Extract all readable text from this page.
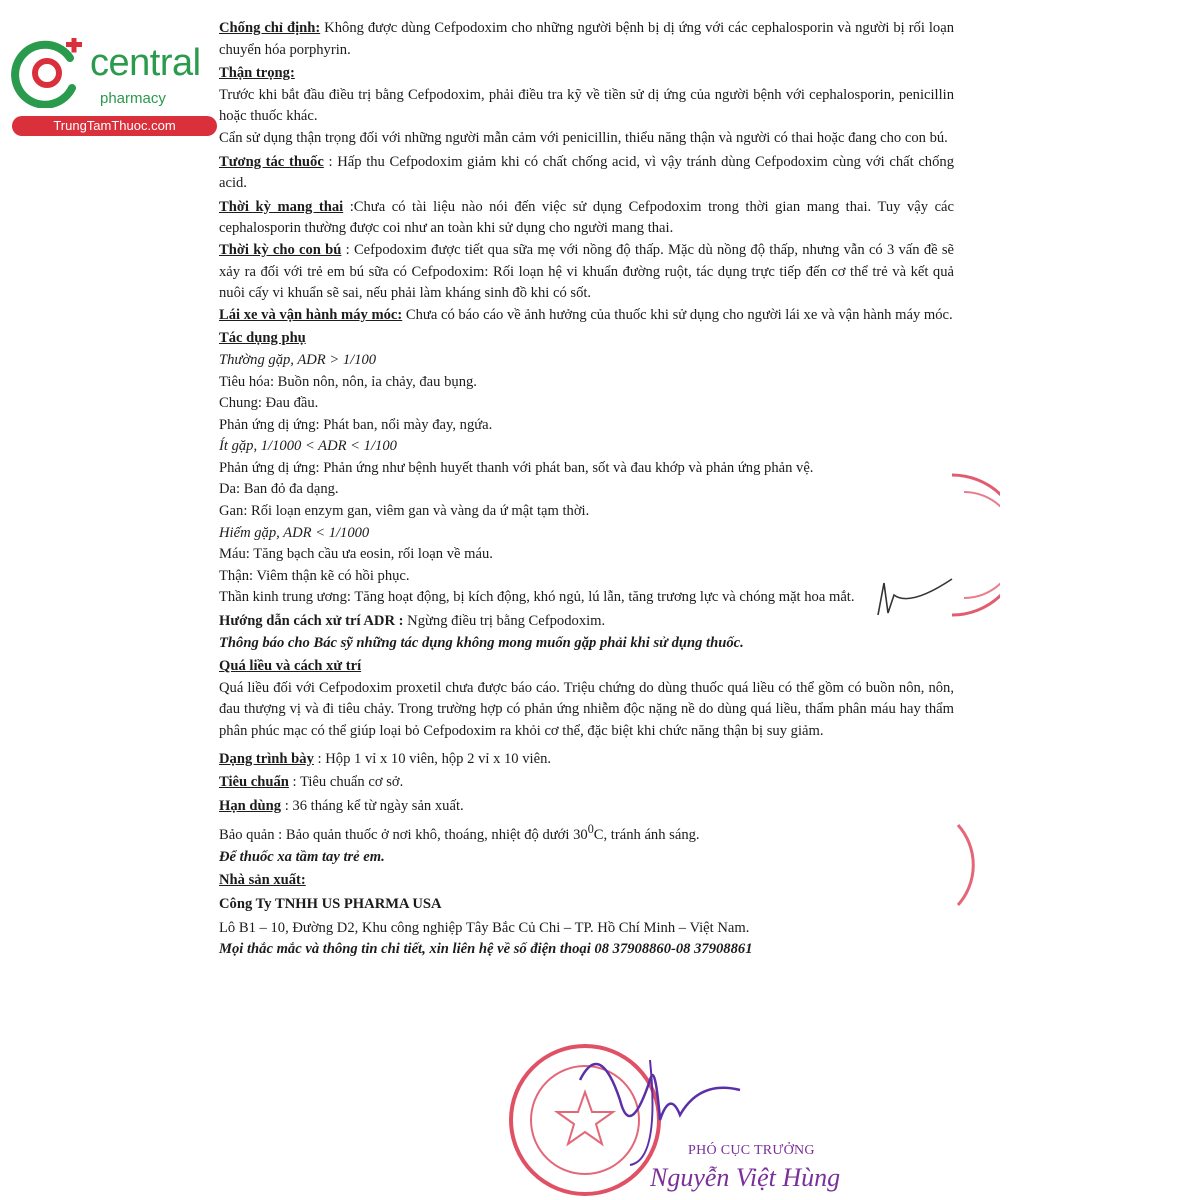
central
pharmacy
TrungTamThuoc.com

Chống chỉ định: Không được dùng Cefpodoxim cho những người bệnh bị dị ứng với các cephalosporin và người bị rối loạn chuyển hóa porphyrin.

Thận trọng:

Trước khi bắt đầu điều trị bằng Cefpodoxim, phải điều tra kỹ về tiền sử dị ứng của người bệnh với cephalosporin, penicillin hoặc thuốc khác.

Cẩn sử dụng thận trọng đối với những người mẫn cảm với penicillin, thiểu năng thận và người có thai hoặc đang cho con bú.

Tương tác thuốc : Hấp thu Cefpodoxim giảm khi có chất chống acid, vì vậy tránh dùng Cefpodoxim cùng với chất chống acid.

Thời kỳ mang thai :Chưa có tài liệu nào nói đến việc sử dụng Cefpodoxim trong thời gian mang thai. Tuy vậy các cephalosporin thường được coi như an toàn khi sử dụng cho người mang thai.

Thời kỳ cho con bú : Cefpodoxim được tiết qua sữa mẹ với nồng độ thấp. Mặc dù nồng độ thấp, nhưng vẫn có 3 vấn đề sẽ xảy ra đối với trẻ em bú sữa có Cefpodoxim: Rối loạn hệ vi khuẩn đường ruột, tác dụng trực tiếp đến cơ thể trẻ và kết quả nuôi cấy vi khuẩn sẽ sai, nếu phải làm kháng sinh đồ khi có sốt.

Lái xe và vận hành máy móc: Chưa có báo cáo về ảnh hưởng của thuốc khi sử dụng cho người lái xe và vận hành máy móc.

Tác dụng phụ

Thường gặp, ADR > 1/100

Tiêu hóa: Buồn nôn, nôn, ỉa chảy, đau bụng.

Chung: Đau đầu.

Phản ứng dị ứng: Phát ban, nổi mày đay, ngứa.

Ít gặp, 1/1000 < ADR < 1/100

Phản ứng dị ứng: Phản ứng như bệnh huyết thanh với phát ban, sốt và đau khớp và phản ứng phản vệ.

Da: Ban đỏ đa dạng.

Gan: Rối loạn enzym gan, viêm gan và vàng da ứ mật tạm thời.

Hiếm gặp, ADR < 1/1000

Máu: Tăng bạch cầu ưa eosin, rối loạn về máu.

Thận: Viêm thận kẽ có hồi phục.

Thần kinh trung ương: Tăng hoạt động, bị kích động, khó ngủ, lú lẫn, tăng trương lực và chóng mặt hoa mắt.

Hướng dẫn cách xử trí ADR : Ngừng điều trị bằng Cefpodoxim.

Thông báo cho Bác sỹ những tác dụng không mong muốn gặp phải khi sử dụng thuốc.

Quá liều và cách xử trí

Quá liều đối với Cefpodoxim proxetil chưa được báo cáo. Triệu chứng do dùng thuốc quá liều có thể gồm có buồn nôn, nôn, đau thượng vị và đi tiêu chảy. Trong trường hợp có phản ứng nhiễm độc nặng nề do dùng quá liều, thẩm phân máu hay thẩm phân phúc mạc có thể giúp loại bỏ Cefpodoxim ra khỏi cơ thể, đặc biệt khi chức năng thận bị suy giảm.

Dạng trình bày : Hộp 1 vỉ x 10 viên, hộp 2 vỉ x 10 viên.

Tiêu chuẩn : Tiêu chuẩn cơ sở.

Hạn dùng : 36 tháng kể từ ngày sản xuất.

Bảo quản : Bảo quản thuốc ở nơi khô, thoáng, nhiệt độ dưới $30^0C$, tránh ánh sáng.

Để thuốc xa tầm tay trẻ em.

Nhà sản xuất:

Công Ty TNHH US PHARMA USA

Lô B1 – 10, Đường D2, Khu công nghiệp Tây Bắc Củ Chi – TP. Hồ Chí Minh – Việt Nam.

Mọi thắc mắc và thông tin chi tiết, xin liên hệ về số điện thoại 08 37908860-08 37908861

PHÓ CỤC TRƯỞNG
Nguyễn Việt Hùng
